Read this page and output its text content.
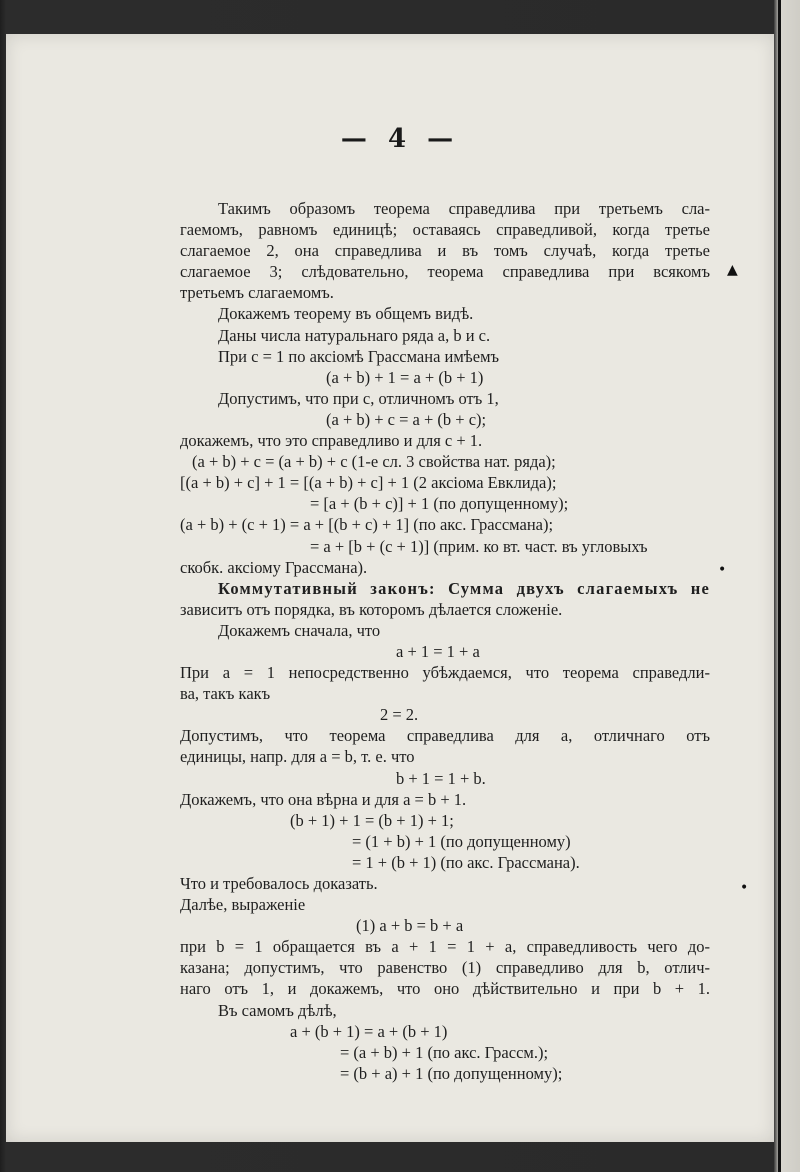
— 4 —
Такимъ образомъ теорема справедлива при третьемъ сла-
гаемомъ, равномъ единицѣ; оставаясь справедливой, когда третье
слагаемое 2, она справедлива и въ томъ случаѣ, когда третье
слагаемое 3; слѣдовательно, теорема справедлива при всякомъ
третьемъ слагаемомъ.
Докажемъ теорему въ общемъ видѣ.
Даны числа натуральнаго ряда a, b и c.
При c = 1 по аксіомѣ Грассмана имѣемъ
(a + b) + 1 = a + (b + 1)
Допустимъ, что при c, отличномъ отъ 1,
(a + b) + c = a + (b + c);
докажемъ, что это справедливо и для c + 1.
(a + b) + c = (a + b) + c (1-е сл. 3 свойства нат. ряда);
[(a + b) + c] + 1 = [(a + b) + c] + 1 (2 аксіома Евклида);
= [a + (b + c)] + 1 (по допущенному);
(a + b) + (c + 1) = a + [(b + c) + 1] (по акс. Грассмана);
= a + [b + (c + 1)] (прим. ко вт. част. въ угловыхъ
скобк. аксіому Грассмана).
Коммутативный законъ: Сумма двухъ слагаемыхъ не
зависитъ отъ порядка, въ которомъ дѣлается сложеніе.
Докажемъ сначала, что
a + 1 = 1 + a
При a = 1 непосредственно убѣждаемся, что теорема справедли-
ва, такъ какъ
2 = 2.
Допустимъ, что теорема справедлива для a, отличнаго отъ
единицы, напр. для a = b, т. е. что
b + 1 = 1 + b.
Докажемъ, что она вѣрна и для a = b + 1.
(b + 1) + 1 = (b + 1) + 1;
= (1 + b) + 1 (по допущенному)
= 1 + (b + 1) (по акс. Грассмана).
Что и требовалось доказать.
Далѣе, выраженіе
(1) a + b = b + a
при b = 1 обращается въ a + 1 = 1 + a, справедливость чего до-
казана; допустимъ, что равенство (1) справедливо для b, отлич-
наго отъ 1, и докажемъ, что оно дѣйствительно и при b + 1.
Въ самомъ дѣлѣ,
a + (b + 1) = a + (b + 1)
= (a + b) + 1 (по акс. Грассм.);
= (b + a) + 1 (по допущенному);
▲
•
•
